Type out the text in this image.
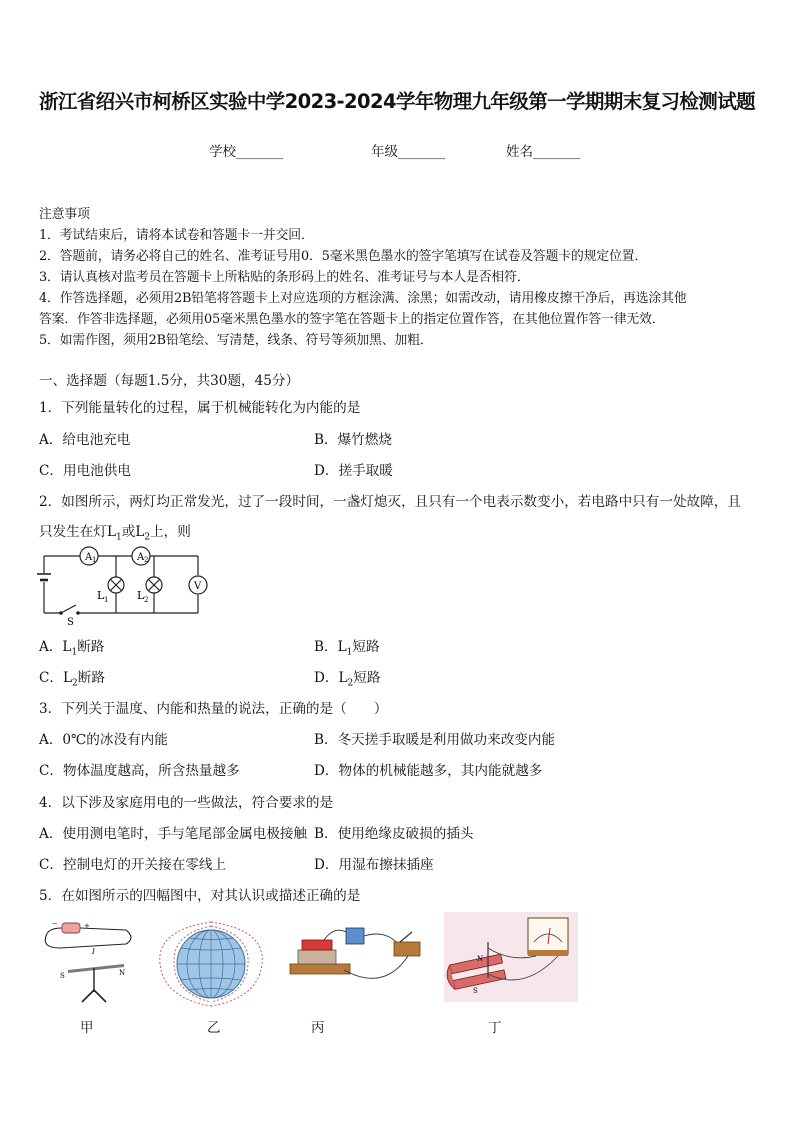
浙江省绍兴市柯桥区实验中学2023-2024学年物理九年级第一学期期末复习检测试题
学校_______	年级_______	姓名_______
注意事项
1．考试结束后，请将本试卷和答题卡一并交回．
2．答题前，请务必将自己的姓名、准考证号用0．5毫米黑色墨水的签字笔填写在试卷及答题卡的规定位置．
3．请认真核对监考员在答题卡上所粘贴的条形码上的姓名、准考证号与本人是否相符．
4．作答选择题，必须用2B铅笔将答题卡上对应选项的方框涂满、涂黑；如需改动，请用橡皮擦干净后，再选涂其他
答案．作答非选择题，必须用05毫米黑色墨水的签字笔在答题卡上的指定位置作答，在其他位置作答一律无效．
5．如需作图，须用2B铅笔绘、写清楚，线条、符号等须加黑、加粗．
一、选择题（每题1.5分，共30题，45分）
1．下列能量转化的过程，属于机械能转化为内能的是
A．给电池充电	B．爆竹燃烧
C．用电池供电	D．搓手取暖
2．如图所示，两灯均正常发光，过了一段时间，一盏灯熄灭，且只有一个电表示数变小，若电路中只有一处故障，且
只发生在灯$L_1$或$L_2$上，则
A 1	A 2
V
L 1	L 2
S
A．$L_1$断路	B．$L_1$短路
C．$L_2$断路	D．$L_2$短路
3．下列关于温度、内能和热量的说法，正确的是（　　）
A．0℃的冰没有内能	B．冬天搓手取暖是利用做功来改变内能
C．物体温度越高，所含热量越多	D．物体的机械能越多，其内能就越多
4．以下涉及家庭用电的一些做法，符合要求的是
A．使用测电笔时，手与笔尾部金属电极接触 B．使用绝缘皮破损的插头
C．控制电灯的开关接在零线上	D．用湿布擦抹插座
5．在如图所示的四幅图中，对其认识或描述正确的是
−	+
S	N
I
N
S
甲	乙	丙	丁
